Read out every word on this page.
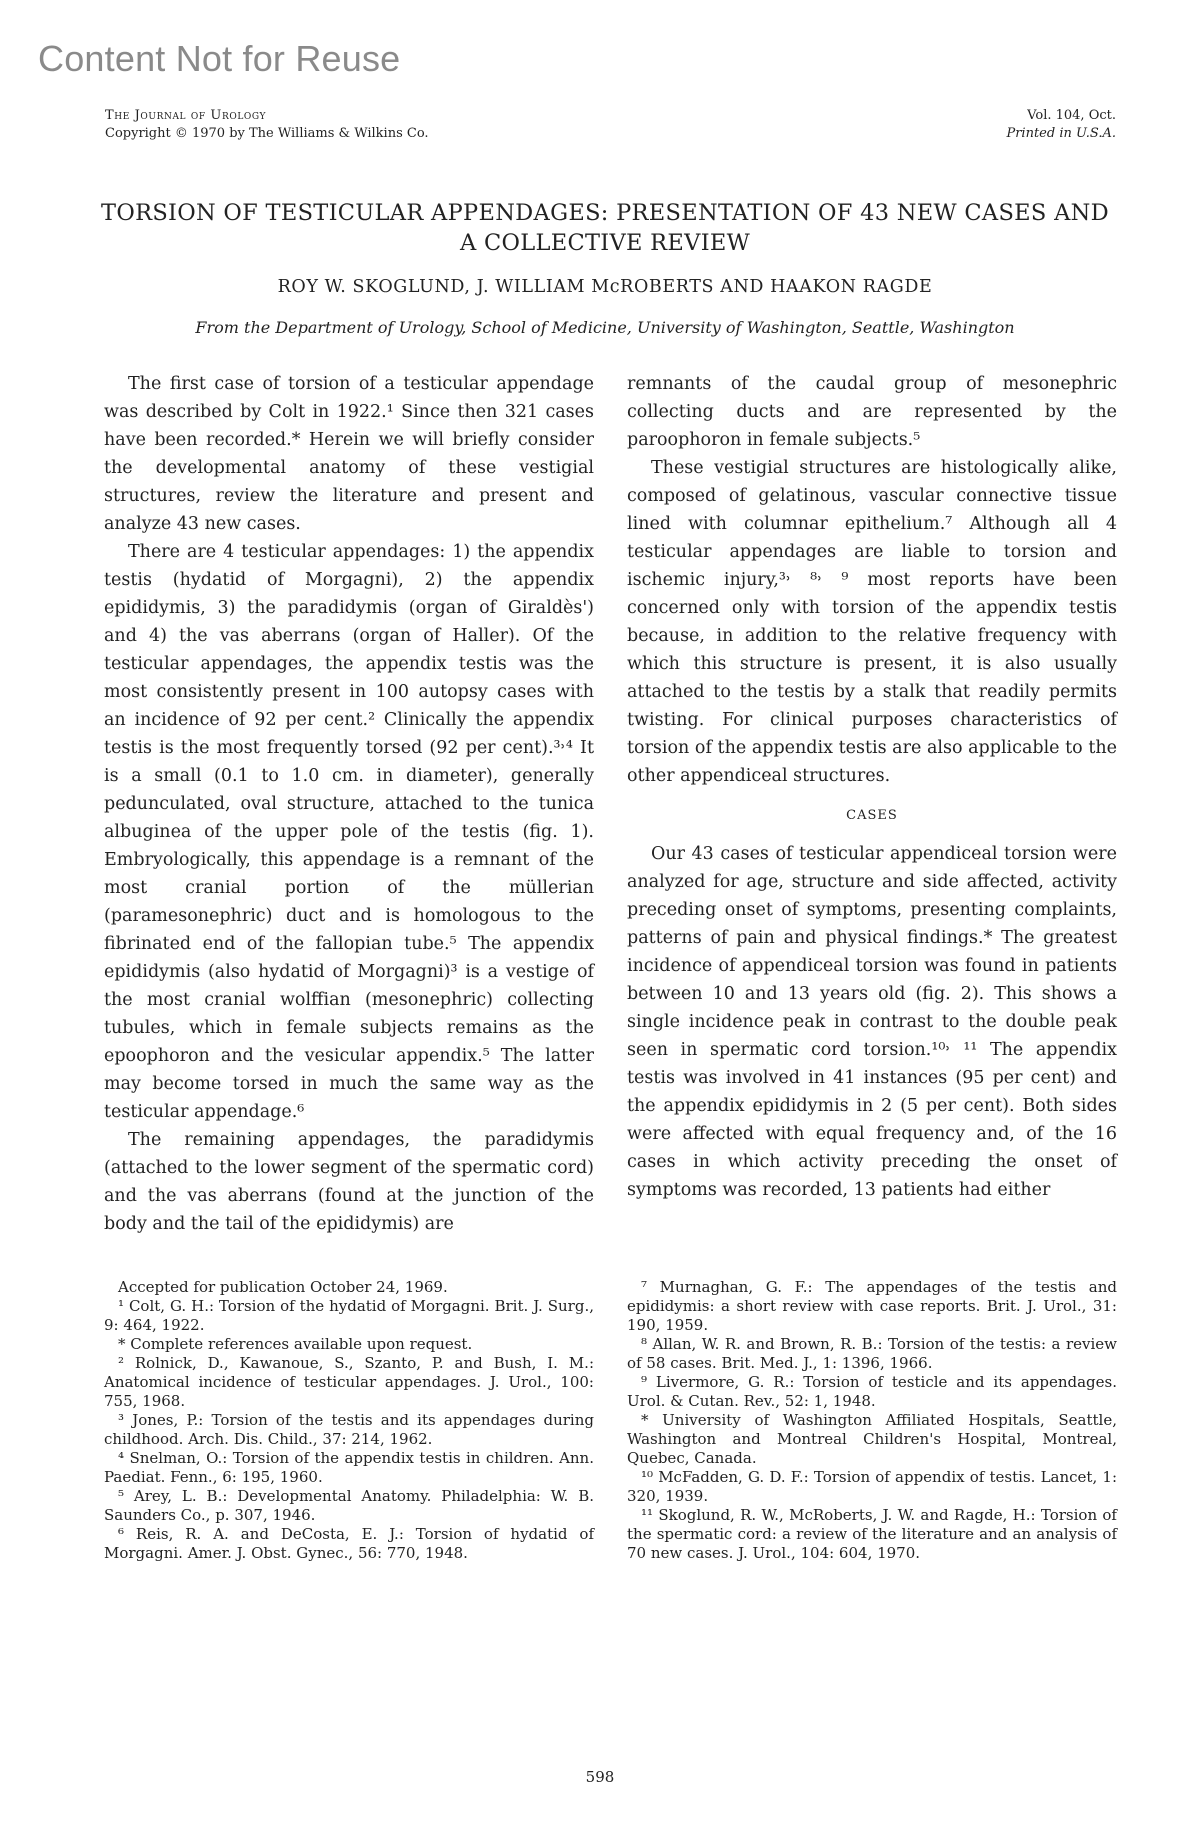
Content Not for Reuse
The Journal of Urology
Copyright © 1970 by The Williams & Wilkins Co.
Vol. 104, Oct.
Printed in U.S.A.
TORSION OF TESTICULAR APPENDAGES: PRESENTATION OF 43 NEW CASES AND A COLLECTIVE REVIEW
ROY W. SKOGLUND, J. WILLIAM McROBERTS AND HAAKON RAGDE
From the Department of Urology, School of Medicine, University of Washington, Seattle, Washington

The first case of torsion of a testicular appendage was described by Colt in 1922.¹ Since then 321 cases have been recorded.* Herein we will briefly consider the developmental anatomy of these vestigial structures, review the literature and present and analyze 43 new cases.

There are 4 testicular appendages: 1) the appendix testis (hydatid of Morgagni), 2) the appendix epididymis, 3) the paradidymis (organ of Giraldès') and 4) the vas aberrans (organ of Haller). Of the testicular appendages, the appendix testis was the most consistently present in 100 autopsy cases with an incidence of 92 per cent.² Clinically the appendix testis is the most frequently torsed (92 per cent).³˒⁴ It is a small (0.1 to 1.0 cm. in diameter), generally pedunculated, oval structure, attached to the tunica albuginea of the upper pole of the testis (fig. 1). Embryologically, this appendage is a remnant of the most cranial portion of the müllerian (paramesonephric) duct and is homologous to the fibrinated end of the fallopian tube.⁵ The appendix epididymis (also hydatid of Morgagni)³ is a vestige of the most cranial wolffian (mesonephric) collecting tubules, which in female subjects remains as the epoophoron and the vesicular appendix.⁵ The latter may become torsed in much the same way as the testicular appendage.⁶

The remaining appendages, the paradidymis (attached to the lower segment of the spermatic cord) and the vas aberrans (found at the junction of the body and the tail of the epididymis) are

remnants of the caudal group of mesonephric collecting ducts and are represented by the paroophoron in female subjects.⁵

These vestigial structures are histologically alike, composed of gelatinous, vascular connective tissue lined with columnar epithelium.⁷ Although all 4 testicular appendages are liable to torsion and ischemic injury,³˒ ⁸˒ ⁹ most reports have been concerned only with torsion of the appendix testis because, in addition to the relative frequency with which this structure is present, it is also usually attached to the testis by a stalk that readily permits twisting. For clinical purposes characteristics of torsion of the appendix testis are also applicable to the other appendiceal structures.

CASES

Our 43 cases of testicular appendiceal torsion were analyzed for age, structure and side affected, activity preceding onset of symptoms, presenting complaints, patterns of pain and physical findings.* The greatest incidence of appendiceal torsion was found in patients between 10 and 13 years old (fig. 2). This shows a single incidence peak in contrast to the double peak seen in spermatic cord torsion.¹⁰˒ ¹¹ The appendix testis was involved in 41 instances (95 per cent) and the appendix epididymis in 2 (5 per cent). Both sides were affected with equal frequency and, of the 16 cases in which activity preceding the onset of symptoms was recorded, 13 patients had either

Accepted for publication October 24, 1969.

¹ Colt, G. H.: Torsion of the hydatid of Morgagni. Brit. J. Surg., 9: 464, 1922.

* Complete references available upon request.

² Rolnick, D., Kawanoue, S., Szanto, P. and Bush, I. M.: Anatomical incidence of testicular appendages. J. Urol., 100: 755, 1968.

³ Jones, P.: Torsion of the testis and its appendages during childhood. Arch. Dis. Child., 37: 214, 1962.

⁴ Snelman, O.: Torsion of the appendix testis in children. Ann. Paediat. Fenn., 6: 195, 1960.

⁵ Arey, L. B.: Developmental Anatomy. Philadelphia: W. B. Saunders Co., p. 307, 1946.

⁶ Reis, R. A. and DeCosta, E. J.: Torsion of hydatid of Morgagni. Amer. J. Obst. Gynec., 56: 770, 1948.

⁷ Murnaghan, G. F.: The appendages of the testis and epididymis: a short review with case reports. Brit. J. Urol., 31: 190, 1959.

⁸ Allan, W. R. and Brown, R. B.: Torsion of the testis: a review of 58 cases. Brit. Med. J., 1: 1396, 1966.

⁹ Livermore, G. R.: Torsion of testicle and its appendages. Urol. & Cutan. Rev., 52: 1, 1948.

* University of Washington Affiliated Hospitals, Seattle, Washington and Montreal Children's Hospital, Montreal, Quebec, Canada.

¹⁰ McFadden, G. D. F.: Torsion of appendix of testis. Lancet, 1: 320, 1939.

¹¹ Skoglund, R. W., McRoberts, J. W. and Ragde, H.: Torsion of the spermatic cord: a review of the literature and an analysis of 70 new cases. J. Urol., 104: 604, 1970.

598
